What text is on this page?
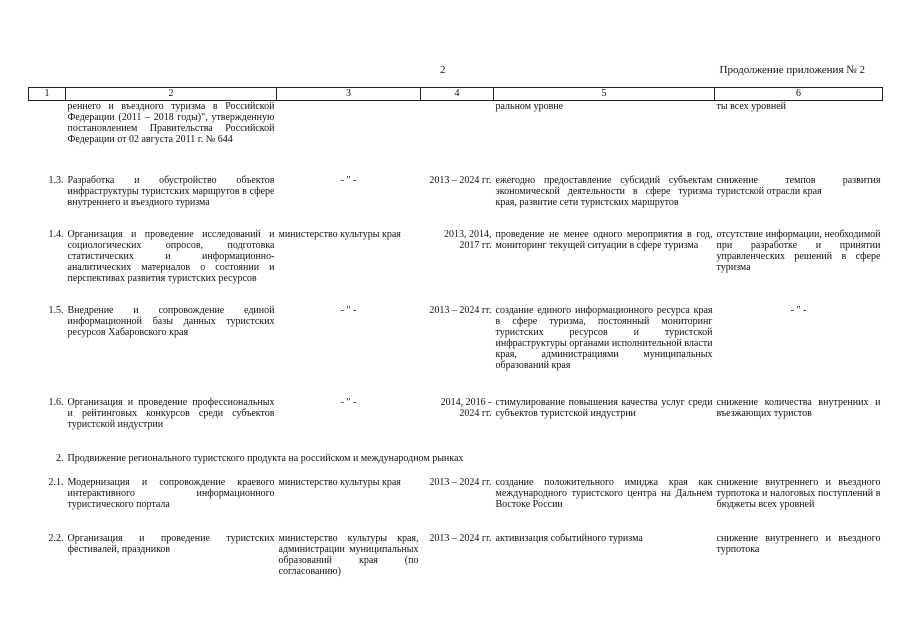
2	Продолжение приложения № 2
1	2	3	4	5	6
	реннего и въездного туризма в Российской Федерации (2011 – 2018 годы)", утвержденную постановлением Правительства Российской Федерации от 02 августа 2011 г. № 644			ральном уровне	ты всех уровней
1.3.	Разработка и обустройство объектов инфраструктуры туристских маршрутов в сфере внутреннего и въездного туризма	- " -	2013 – 2024 гг.	ежегодно предоставление субсидий субъектам экономической деятельности в сфере туризма края, развитие сети туристских маршрутов	снижение темпов развития туристской отрасли края
1.4.	Организация и проведение исследований и социологических опросов, подготовка статистических и информационно-аналитических материалов о состоянии и перспективах развития туристских ресурсов	министерство культуры края	2013, 2014, 2017 гг.	проведение не менее одного мероприятия в год, мониторинг текущей ситуации в сфере туризма	отсутствие информации, необходимой при разработке и принятии управленческих решений в сфере туризма
1.5.	Внедрение и сопровождение единой информационной базы данных туристских ресурсов Хабаровского края	- " -	2013 – 2024 гг.	создание единого информационного ресурса края в сфере туризма, постоянный мониторинг туристских ресурсов и туристской инфраструктуры органами исполнительной власти края, администрациями муниципальных образований края	- " -
1.6.	Организация и проведение профессиональных и рейтинговых конкурсов среди субъектов туристской индустрии	- " -	2014, 2016 - 2024 гг.	стимулирование повышения качества услуг среди субъектов туристской индустрии	снижение количества внутренних и въезжающих туристов
2.	Продвижение регионального туристского продукта на российском и международном рынках				
2.1.	Модернизация и сопровождение краевого интерактивного информационного туристического портала	министерство культуры края	2013 – 2024 гг.	создание положительного имиджа края как международного туристского центра на Дальнем Востоке России	снижение внутреннего и въездного турпотока и налоговых поступлений в бюджеты всех уровней
2.2.	Организация и проведение туристских фестивалей, праздников	министерство культуры края, администрации муниципальных образований края (по согласованию)	2013 – 2024 гг.	активизация событийного туризма	снижение внутреннего и въездного турпотока
